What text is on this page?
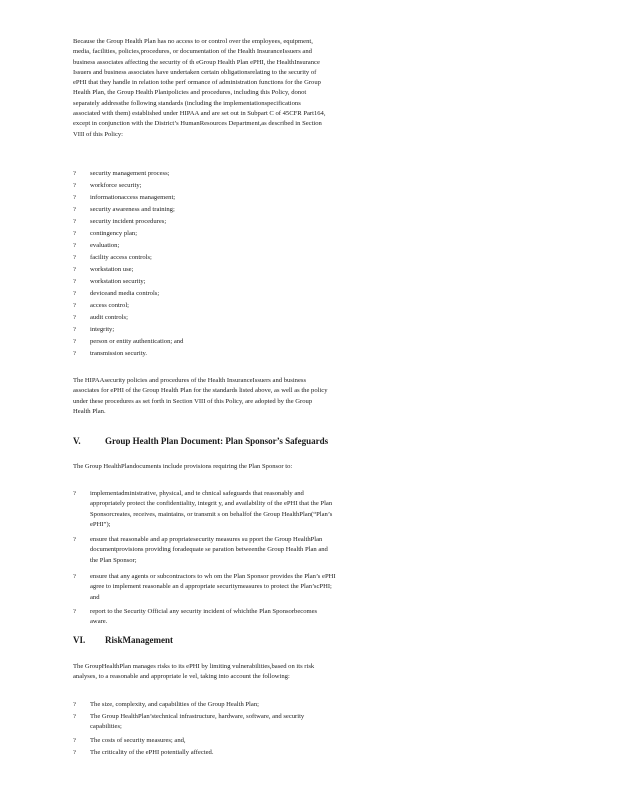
Because the Group Health Plan has no access to or control over the employees, equipment,
media, facilities, policies,procedures, or documentation of the Health InsuranceIssuers and
business associates affecting the security of th eGroup Health Plan ePHI, the HealthInsurance
Issuers and business associates have undertaken certain obligationsrelating to the security of
ePHI that they handle in relation tothe perf ormance of administration functions for the Group
Health Plan, the Group Health Planipolicies and procedures, including this Policy, donot
separately addressthe following standards (including the implementationspecifications
associated with them) established under HIPAA and are set out in Subpart C of 45CFR Part164,
except in conjunction with the District’s HumanResources Department,as described in Section
VIII of this Policy:
? security management process;
? workforce security;
? informationaccess management;
? security awareness and training;
? security incident procedures;
? contingency plan;
? evaluation;
? facility access controls;
? workstation use;
? workstation security;
? deviceand media controls;
? access control;
? audit controls;
? integrity;
? person or entity authentication; and
? transmission security.
The HIPAAsecurity policies and procedures of the Health InsuranceIssuers and business
associates for ePHI of the Group Health Plan for the standards listed above, as well as the policy
under these procedures as set forth in Section VIII of this Policy, are adopted by the Group
Health Plan.
V.	Group Health Plan Document: Plan Sponsor’s Safeguards
The Group HealthPlandocuments include provisions requiring the Plan Sponsor to:
? implementadministrative, physical, and te chnical safeguards that reasonably and
appropriately protect the confidentiality, integrit y, and availability of the ePHI that the Plan
Sponsorcreates, receives, maintains, or transmit s on behalfof the Group HealthPlan(“Plan’s
ePHI”);
? ensure that reasonable and ap propriatesecurity measures su pport the Group HealthPlan
documentprovisions providing foradequate se paration betweenthe Group Health Plan and
the Plan Sponsor;
? ensure that any agents or subcontractors to wh om the Plan Sponsor provides the Plan’s ePHI
agree to implement reasonable an d appropriate securitymeasures to protect the Plan’scPHI;
and
? report to the Security Official any security incident of whichthe Plan Sponsorbecomes
aware.
VI. RiskManagement
The GroupHealthPlan manages risks to its ePHI by limiting vulnerabilities,based on its risk
analyses, to a reasonable and appropriate le vel, taking into account the following:
? The size, complexity, and capabilities of the Group Health Plan;
? The Group HealthPlan’stechnical infrastructure, hardware, software, and security
capabilities;
? The costs of security measures; and,
? The criticality of the ePHI potentially affected.
